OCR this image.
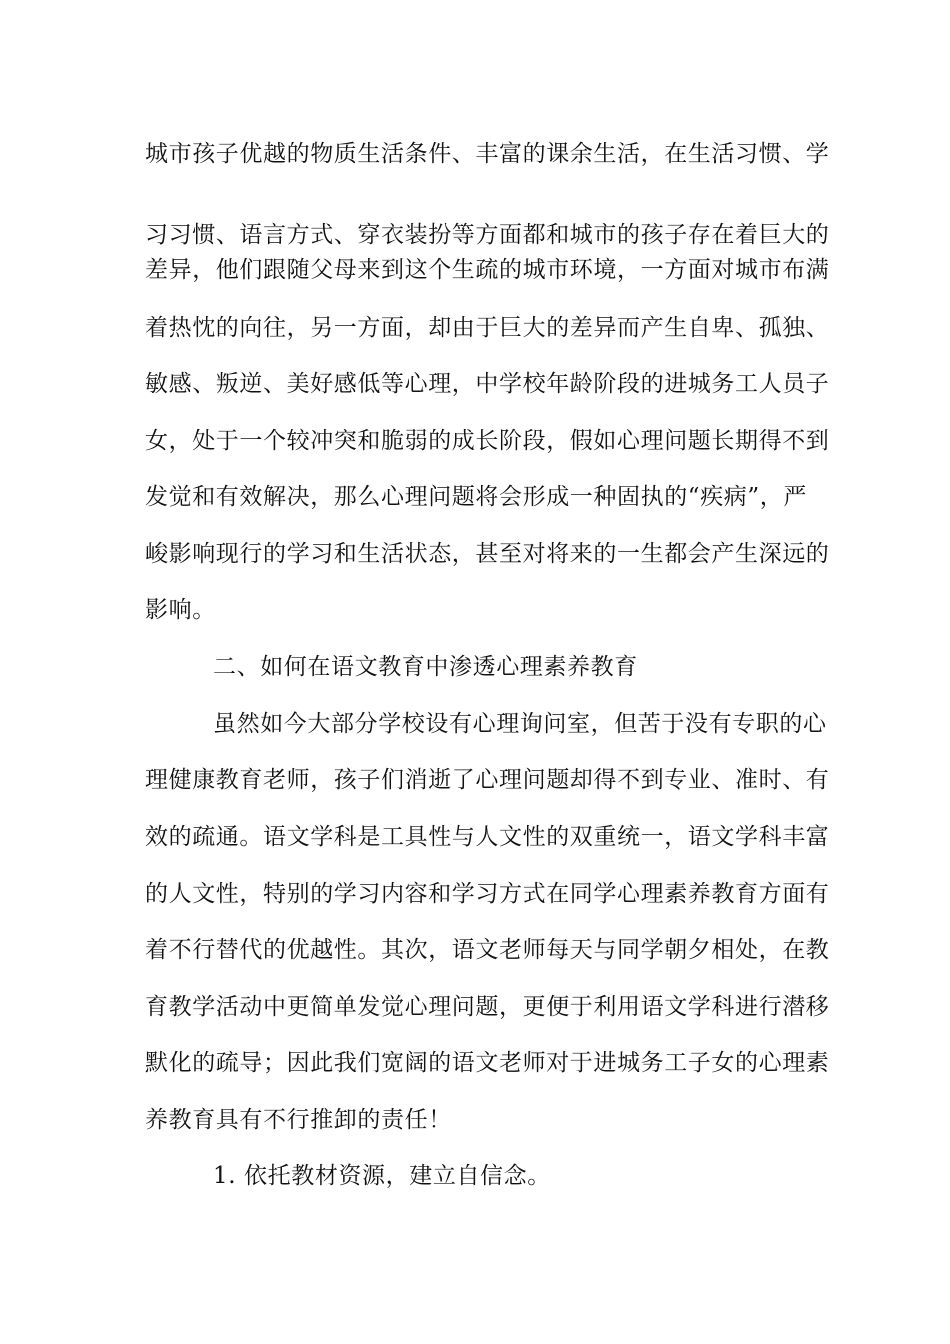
城市孩子优越的物质生活条件、丰富的课余生活，在生活习惯、学
习习惯、语言方式、穿衣装扮等方面都和城市的孩子存在着巨大的
差异，他们跟随父母来到这个生疏的城市环境，一方面对城市布满
着热忱的向往，另一方面，却由于巨大的差异而产生自卑、孤独、
敏感、叛逆、美好感低等心理，中学校年龄阶段的进城务工人员子
女，处于一个较冲突和脆弱的成长阶段，假如心理问题长期得不到
发觉和有效解决，那么心理问题将会形成一种固执的“疾病”，严
峻影响现行的学习和生活状态，甚至对将来的一生都会产生深远的
影响。
二、如何在语文教育中渗透心理素养教育
虽然如今大部分学校设有心理询问室，但苦于没有专职的心
理健康教育老师，孩子们消逝了心理问题却得不到专业、准时、有
效的疏通。语文学科是工具性与人文性的双重统一，语文学科丰富
的人文性，特别的学习内容和学习方式在同学心理素养教育方面有
着不行替代的优越性。其次，语文老师每天与同学朝夕相处，在教
育教学活动中更简单发觉心理问题，更便于利用语文学科进行潜移
默化的疏导；因此我们宽阔的语文老师对于进城务工子女的心理素
养教育具有不行推卸的责任！
1. 依托教材资源，建立自信念。
